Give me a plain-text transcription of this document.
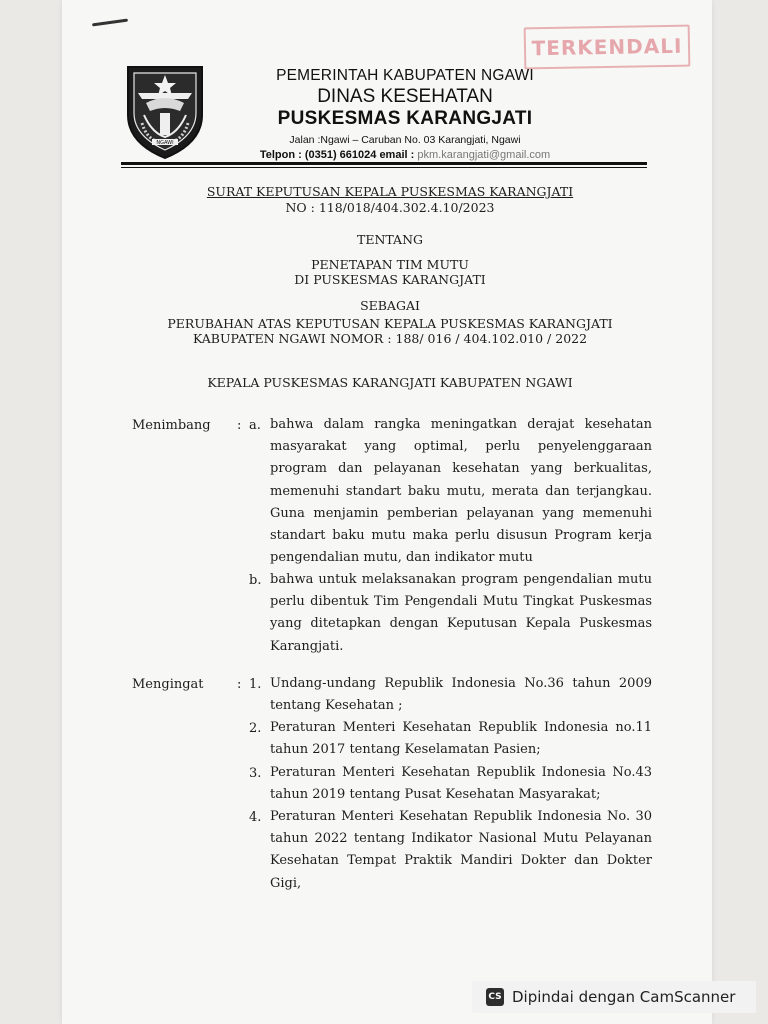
TERKENDALI
NGAWI
PEMERINTAH KABUPATEN NGAWI
DINAS KESEHATAN
PUSKESMAS KARANGJATI
Jalan :Ngawi – Caruban No. 03 Karangjati, Ngawi
Telpon : (0351) 661024 email : pkm.karangjati@gmail.com
SURAT KEPUTUSAN KEPALA PUSKESMAS KARANGJATI
NO : 118/018/404.302.4.10/2023
TENTANG
PENETAPAN TIM MUTU
DI PUSKESMAS KARANGJATI
SEBAGAI
PERUBAHAN ATAS KEPUTUSAN KEPALA PUSKESMAS KARANGJATI
KABUPATEN NGAWI NOMOR : 188/ 016 / 404.102.010 / 2022
KEPALA PUSKESMAS KARANGJATI KABUPATEN NGAWI
Menimbang : a. bahwa dalam rangka meningatkan derajat kesehatan masyarakat yang optimal, perlu penyelenggaraan program dan pelayanan kesehatan yang berkualitas, memenuhi standart baku mutu, merata dan terjangkau. Guna menjamin pemberian pelayanan yang memenuhi standart baku mutu maka perlu disusun Program kerja pengendalian mutu, dan indikator mutu
b. bahwa untuk melaksanakan program pengendalian mutu perlu dibentuk Tim Pengendali Mutu Tingkat Puskesmas yang ditetapkan dengan Keputusan Kepala Puskesmas Karangjati.
Mengingat	: 1. Undang-undang Republik Indonesia No.36 tahun 2009 tentang Kesehatan ;
2. Peraturan Menteri Kesehatan Republik Indonesia no.11 tahun 2017 tentang Keselamatan Pasien;
3. Peraturan Menteri Kesehatan Republik Indonesia No.43 tahun 2019 tentang Pusat Kesehatan Masyarakat;
4. Peraturan Menteri Kesehatan Republik Indonesia No. 30 tahun 2022 tentang Indikator Nasional Mutu Pelayanan Kesehatan Tempat Praktik Mandiri Dokter dan Dokter Gigi,
CS Dipindai dengan CamScanner
